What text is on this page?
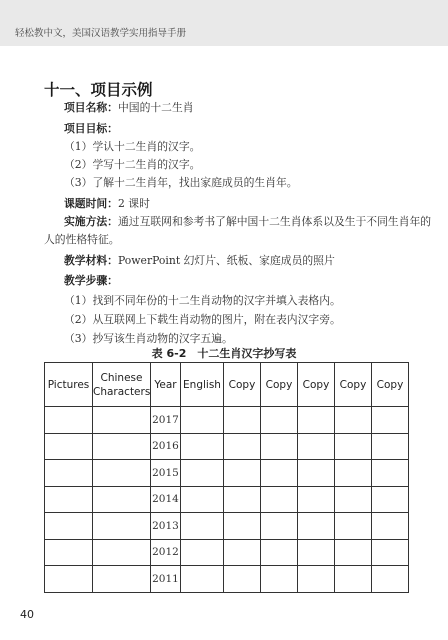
轻松教中文，美国汉语教学实用指导手册
十一、项目示例
项目名称：中国的十二生肖
项目目标：
（1）学认十二生肖的汉字。
（2）学写十二生肖的汉字。
（3）了解十二生肖年，找出家庭成员的生肖年。
课题时间：2 课时
实施方法：通过互联网和参考书了解中国十二生肖体系以及生于不同生肖年的
人的性格特征。
教学材料：PowerPoint 幻灯片、纸板、家庭成员的照片
教学步骤：
（1）找到不同年份的十二生肖动物的汉字并填入表格内。
（2）从互联网上下载生肖动物的图片，附在表内汉字旁。
（3）抄写该生肖动物的汉字五遍。
表 6-2　十二生肖汉字抄写表
Pictures	Chinese Characters	Year	English	Copy	Copy	Copy	Copy	Copy
		2017						
		2016						
		2015						
		2014						
		2013						
		2012						
		2011						
40
